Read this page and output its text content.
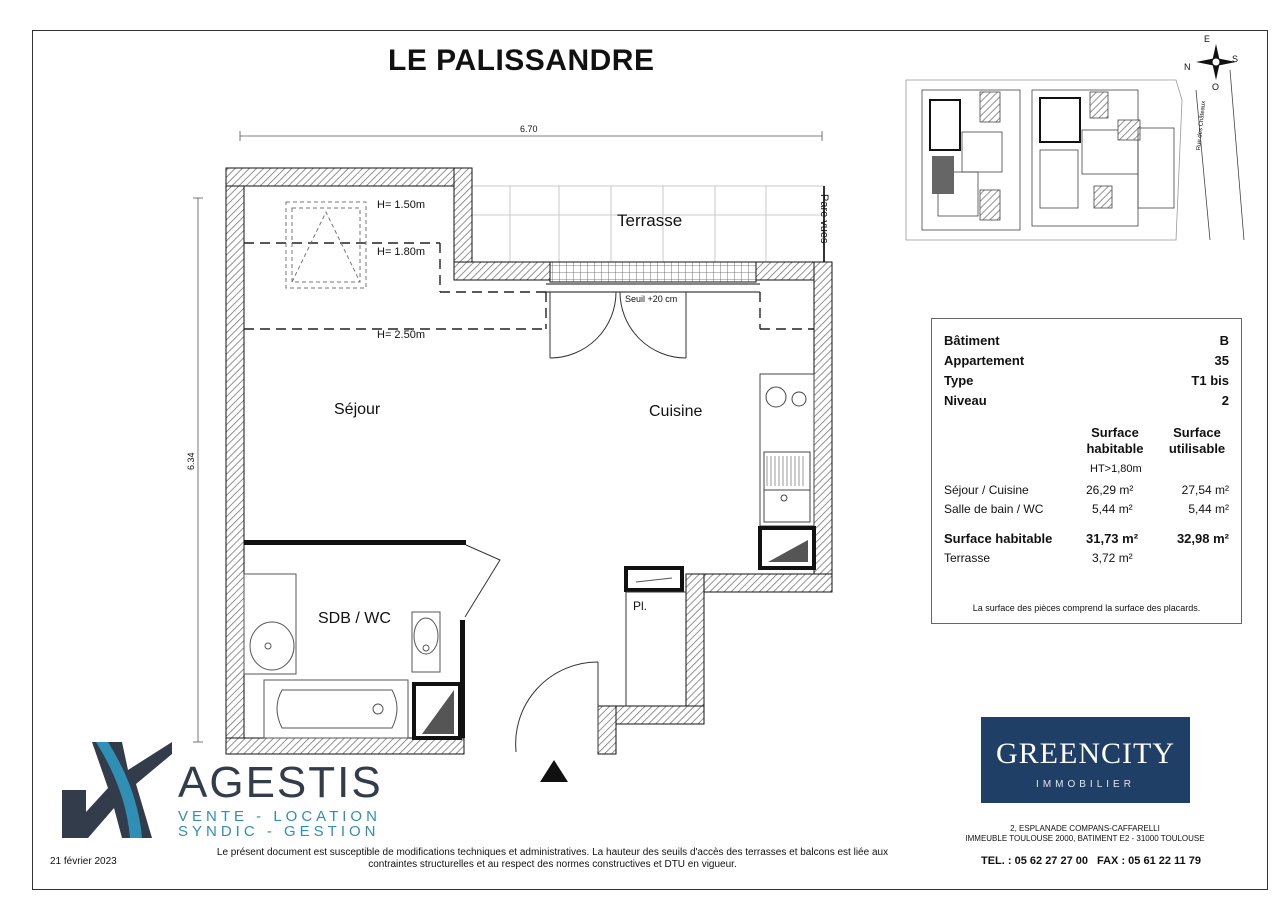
LE PALISSANDRE
E
N
S
O
Rue des Châteaux
6.70
6.34
Terrasse	Pare vues
H= 1.50m
H= 1.80m
H= 2.50m
Seuil +20 cm
Séjour	Cuisine
SDB / WC
Pl.
Bâtiment	B
Appartement	35
Type	T1 bis
Niveau	2
Surface
habitable
Surface
utilisable
HT>1,80m
Séjour / Cuisine	26,29 m²	27,54 m²
Salle de bain / WC	5,44 m²	5,44 m²
Surface habitable	31,73 m²	32,98 m²
Terrasse	3,72 m²
La surface des pièces comprend la surface des placards.
AGESTIS
VENTE - LOCATION
SYNDIC - GESTION
GREENCITY
IMMOBILIER
2, ESPLANADE COMPANS-CAFFARELLI
IMMEUBLE TOULOUSE 2000, BATIMENT E2 - 31000 TOULOUSE
TEL. : 05 62 27 27 00 FAX : 05 61 22 11 79
21 février 2023
Le présent document est susceptible de modifications techniques et administratives. La hauteur des seuils d'accès des terrasses et balcons est liée aux
contraintes structurelles et au respect des normes constructives et DTU en vigueur.
